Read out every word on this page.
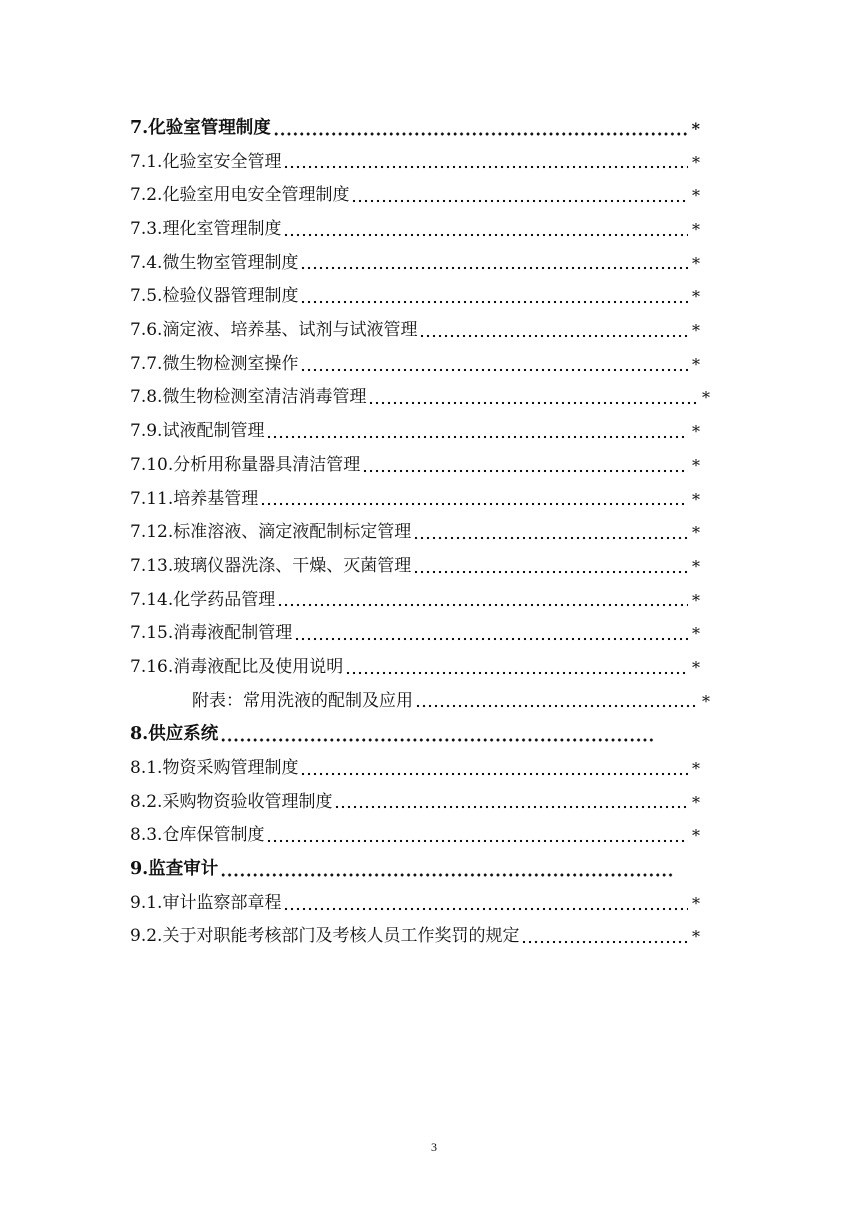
7.化验室管理制度	*
7.1.化验室安全管理	*
7.2.化验室用电安全管理制度	*
7.3.理化室管理制度	*
7.4.微生物室管理制度	*
7.5.检验仪器管理制度	*
7.6.滴定液、培养基、试剂与试液管理	*
7.7.微生物检测室操作	*
7.8.微生物检测室清洁消毒管理	*
7.9.试液配制管理	*
7.10.分析用称量器具清洁管理	*
7.11.培养基管理	*
7.12.标准溶液、滴定液配制标定管理	*
7.13.玻璃仪器洗涤、干燥、灭菌管理	*
7.14.化学药品管理	*
7.15.消毒液配制管理	*
7.16.消毒液配比及使用说明	*
附表：常用洗液的配制及应用	*
8.供应系统
8.1.物资采购管理制度	*
8.2.采购物资验收管理制度	*
8.3.仓库保管制度	*
9.监查审计
9.1.审计监察部章程	*
9.2.关于对职能考核部门及考核人员工作奖罚的规定	*
3
